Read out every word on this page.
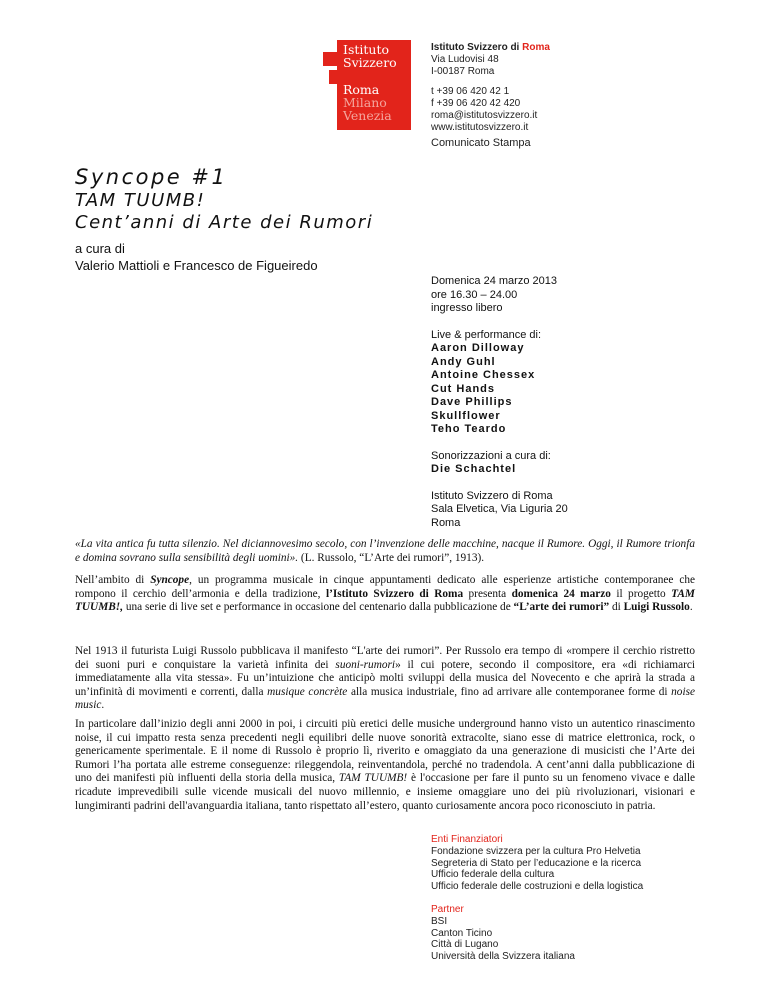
Istituto
Svizzero
Roma
Milano
Venezia
Istituto Svizzero di Roma
Via Ludovisi 48
I-00187 Roma
t +39 06 420 42 1
f +39 06 420 42 420
roma@istitutosvizzero.it
www.istitutosvizzero.it
Comunicato Stampa
Syncope #1
TAM TUUMB!
Cent’anni di Arte dei Rumori
a cura di
Valerio Mattioli e Francesco de Figueiredo
Domenica 24 marzo 2013
ore 16.30 – 24.00
ingresso libero
Live & performance di:
Aaron Dilloway
Andy Guhl
Antoine Chessex
Cut Hands
Dave Phillips
Skullflower
Teho Teardo
Sonorizzazioni a cura di:
Die Schachtel
Istituto Svizzero di Roma
Sala Elvetica, Via Liguria 20
Roma
«La vita antica fu tutta silenzio. Nel diciannovesimo secolo, con l’invenzione delle macchine, nacque il Rumore. Oggi, il Rumore trionfa e domina sovrano sulla sensibilità degli uomini». (L. Russolo, “L’Arte dei rumori”, 1913).
Nell’ambito di Syncope, un programma musicale in cinque appuntamenti dedicato alle esperienze artistiche contemporanee che rompono il cerchio dell’armonia e della tradizione, l’Istituto Svizzero di Roma presenta domenica 24 marzo il progetto TAM TUUMB!, una serie di live set e performance in occasione del centenario dalla pubblicazione de “L’arte dei rumori” di Luigi Russolo.
Nel 1913 il futurista Luigi Russolo pubblicava il manifesto “L'arte dei rumori”. Per Russolo era tempo di «rompere il cerchio ristretto dei suoni puri e conquistare la varietà infinita dei suoni-rumori» il cui potere, secondo il compositore, era «di richiamarci immediatamente alla vita stessa». Fu un’intuizione che anticipò molti sviluppi della musica del Novecento e che aprirà la strada a un’infinità di movimenti e correnti, dalla musique concrète alla musica industriale, fino ad arrivare alle contemporanee forme di noise music.
In particolare dall’inizio degli anni 2000 in poi, i circuiti più eretici delle musiche underground hanno visto un autentico rinascimento noise, il cui impatto resta senza precedenti negli equilibri delle nuove sonorità extracolte, siano esse di matrice elettronica, rock, o genericamente sperimentale. E il nome di Russolo è proprio lì, riverito e omaggiato da una generazione di musicisti che l’Arte dei Rumori l’ha portata alle estreme conseguenze: rileggendola, reinventandola, perché no tradendola. A cent’anni dalla pubblicazione di uno dei manifesti più influenti della storia della musica, TAM TUUMB! è l'occasione per fare il punto su un fenomeno vivace e dalle ricadute imprevedibili sulle vicende musicali del nuovo millennio, e insieme omaggiare uno dei più rivoluzionari, visionari e lungimiranti padrini dell'avanguardia italiana, tanto rispettato all’estero, quanto curiosamente ancora poco riconosciuto in patria.
Enti Finanziatori
Fondazione svizzera per la cultura Pro Helvetia
Segreteria di Stato per l’educazione e la ricerca
Ufficio federale della cultura
Ufficio federale delle costruzioni e della logistica
Partner
BSI
Canton Ticino
Città di Lugano
Università della Svizzera italiana
